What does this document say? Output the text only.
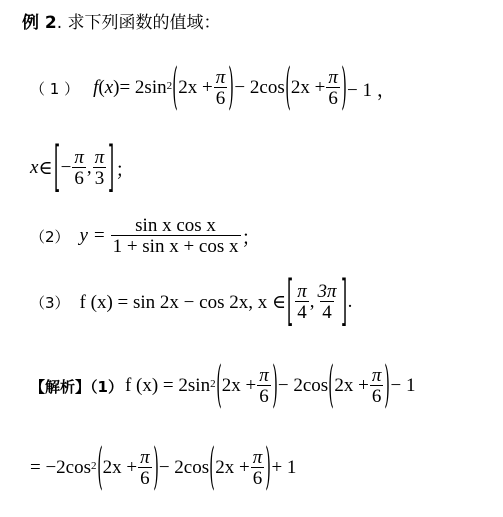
例 2 . 求下列函数的值域：
（ 1 ） f ( x ) = $2\sin^2$ ( $2x + \frac{\pi}{6}$ ) − 2cos ( $2x + \frac{\pi}{6}$ ) − 1 ，
x ∈ [ − $\frac{\pi}{6}$ , $\frac{\pi}{3}$ ] ；
（2） $y = \frac{\text{sin x cos x}}{\text{1 + sin x + cos x}}$ ；
（3） f (x) = sin 2x − cos 2x, x ∈ [ $\frac{\pi}{4}$ , $\frac{3\pi}{4}$ ] .
【解析】（1） f $(x) = 2\sin^2$ ( $2x + \frac{\pi}{6}$ ) − 2cos ( $2x + \frac{\pi}{6}$ ) − 1
= $-2\cos^2$ ( $2x + \frac{\pi}{6}$ ) − 2cos ( $2x + \frac{\pi}{6}$ ) + 1
